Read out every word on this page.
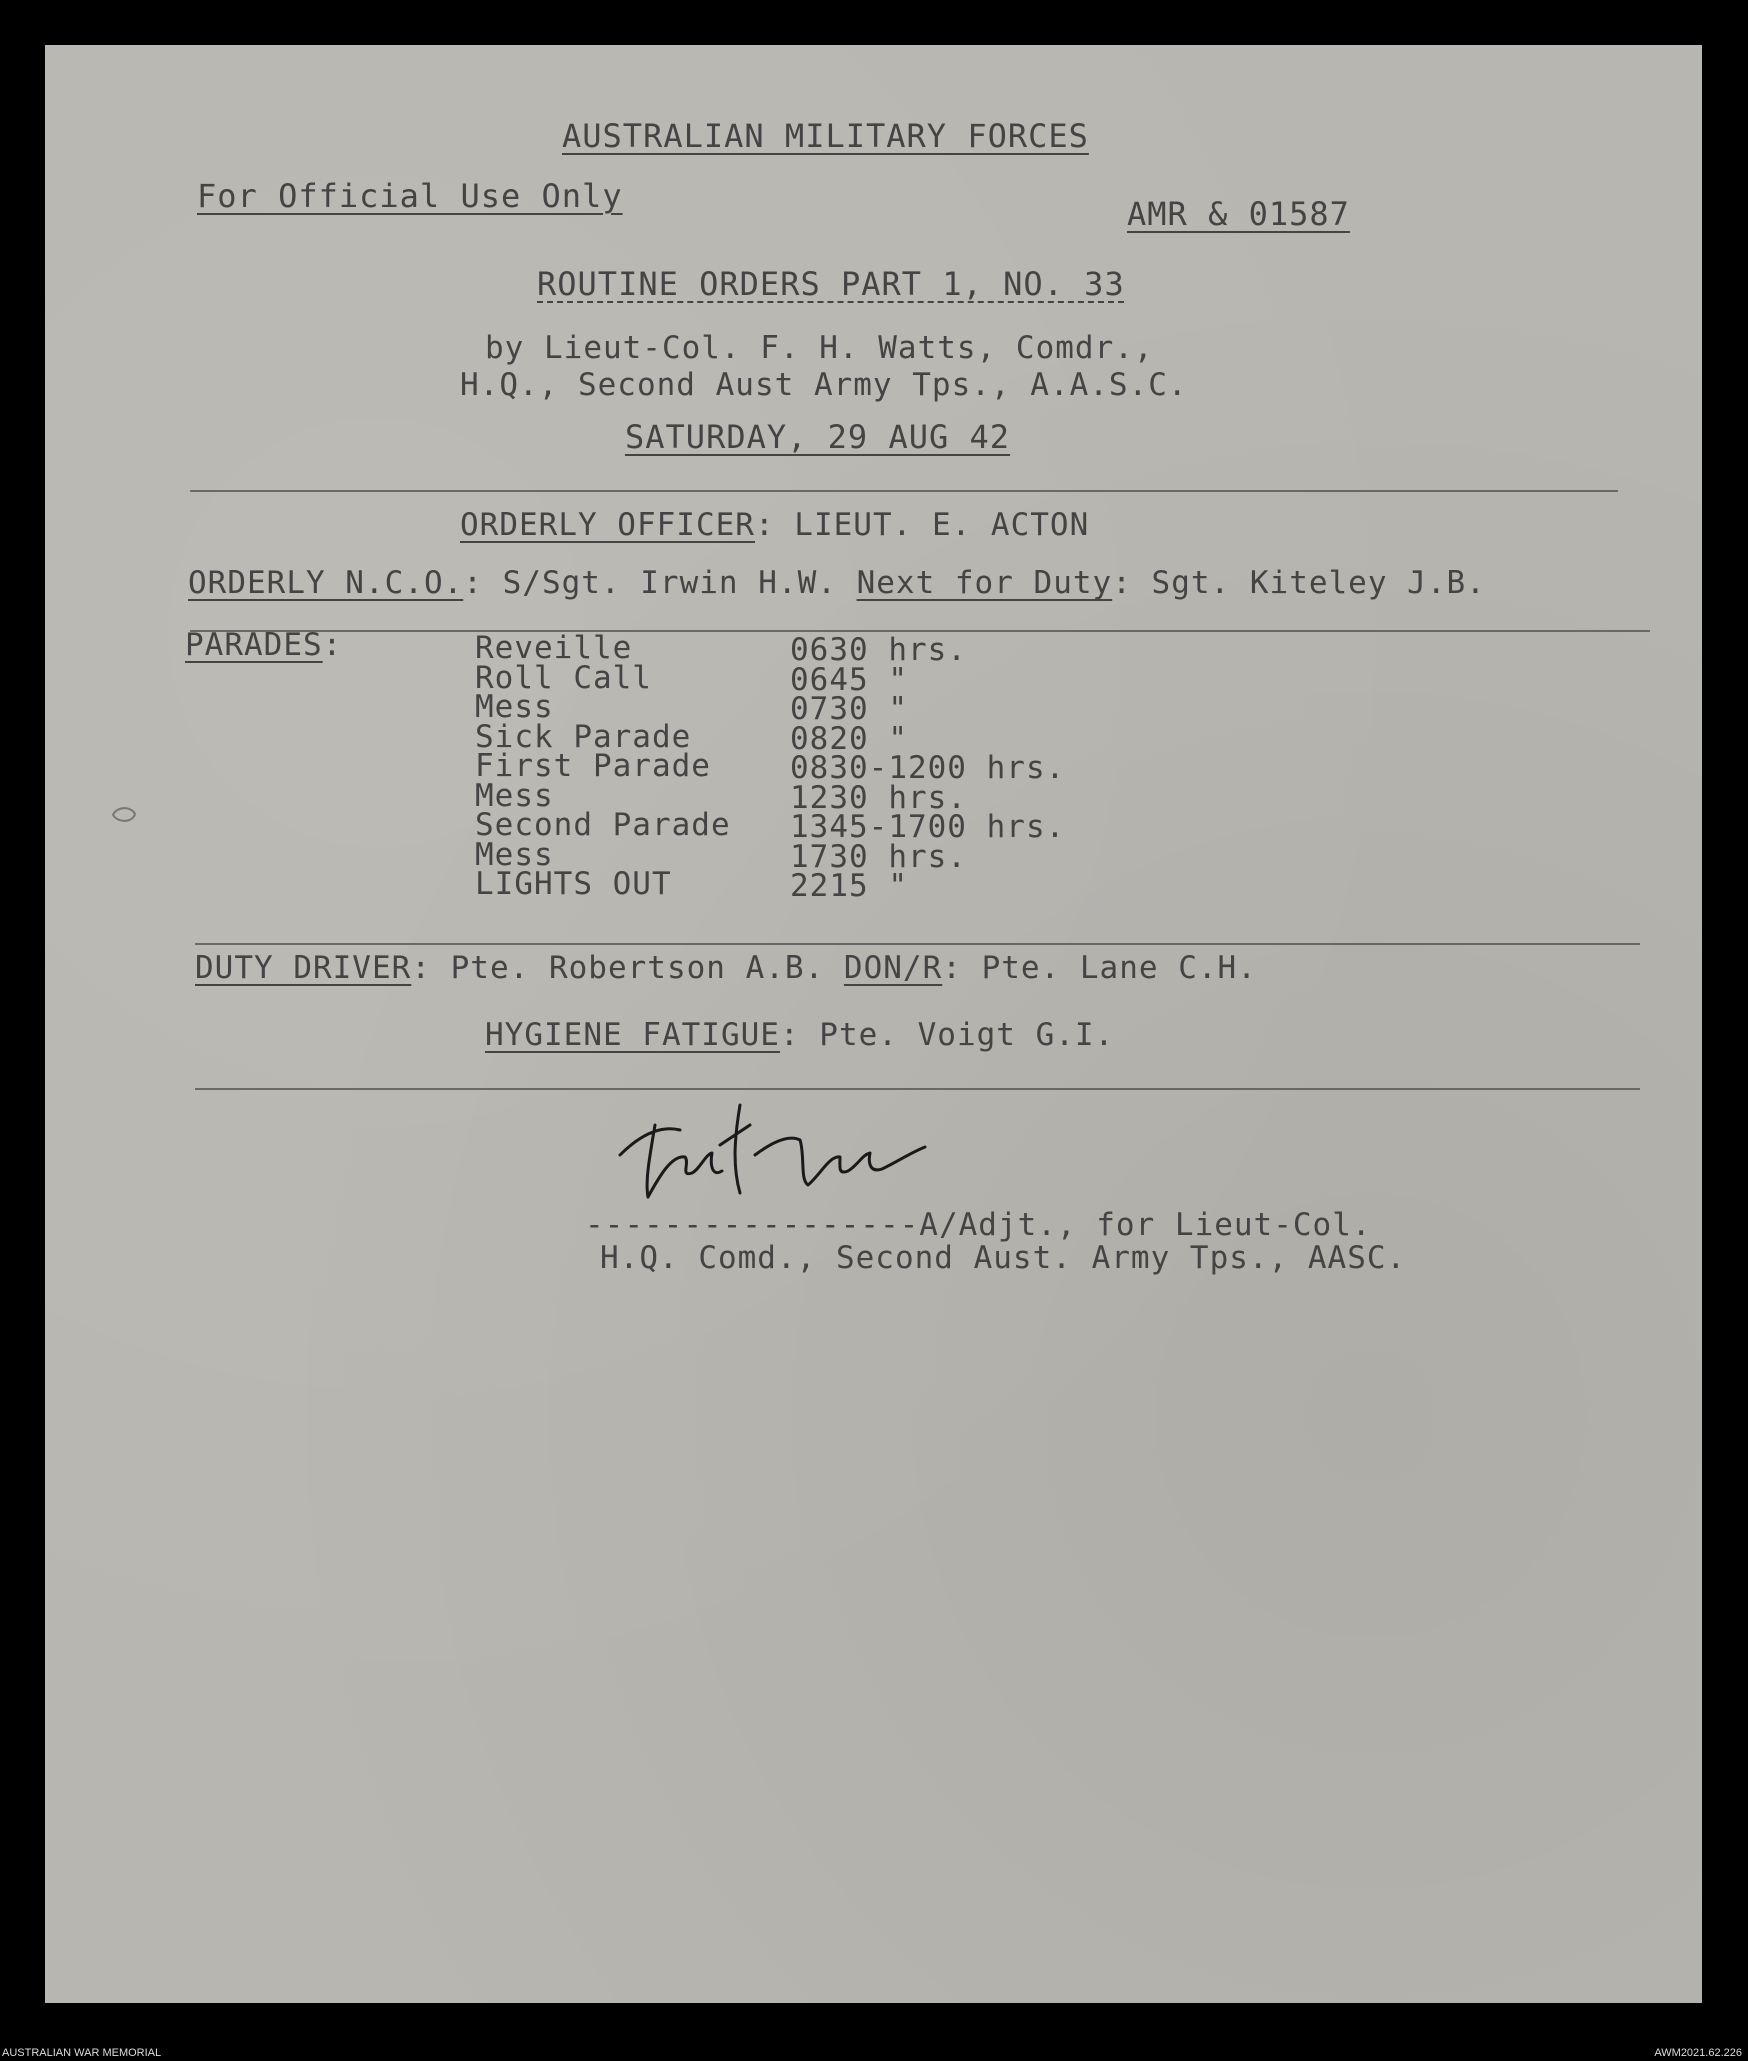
AUSTRALIAN MILITARY FORCES
For Official Use Only	AMR & 01587
ROUTINE ORDERS PART 1, NO. 33
by Lieut-Col. F. H. Watts, Comdr.,
H.Q., Second Aust Army Tps., A.A.S.C.
SATURDAY, 29 AUG 42
ORDERLY OFFICER: LIEUT. E. ACTON
ORDERLY N.C.O.: S/Sgt. Irwin H.W. Next for Duty: Sgt. Kiteley J.B.
PARADES:	Reveille	0630 hrs.
Roll Call	0645 "
Mess	0730 "
Sick Parade	0820 "
First Parade	0830-1200 hrs.
Mess	1230 hrs.
Second Parade 1345-1700 hrs.
Mess	1730 hrs.
LIGHTS OUT	2215 "
DUTY DRIVER: Pte. Robertson A.B. DON/R: Pte. Lane C.H.
HYGIENE FATIGUE: Pte. Voigt G.I.
-----------------A/Adjt., for Lieut-Col.
H.Q. Comd., Second Aust. Army Tps., AASC.
AUSTRALIAN WAR MEMORIAL	AWM2021.62.226
